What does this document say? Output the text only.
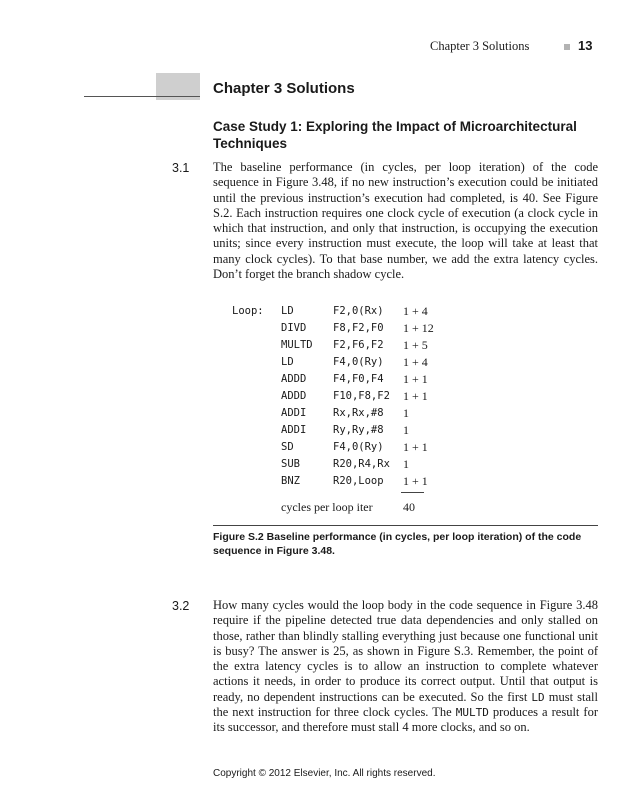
Chapter 3 Solutions	13
Chapter 3 Solutions
Case Study 1: Exploring the Impact of Microarchitectural Techniques
3.1 The baseline performance (in cycles, per loop iteration) of the code sequence in Figure 3.48, if no new instruction’s execution could be initiated until the previous instruction’s execution had completed, is 40. See Figure S.2. Each instruction requires one clock cycle of execution (a clock cycle in which that instruction, and only that instruction, is occupying the execution units; since every instruction must execute, the loop will take at least that many clock cycles). To that base number, we add the extra latency cycles. Don’t forget the branch shadow cycle.
Loop: LD	F2,0(Rx) 1 + 4
DIVD	F8,F2,F0 1 + 12
MULTD F2,F6,F2 1 + 5
LD	F4,0(Ry) 1 + 4
ADDD	F4,F0,F4 1 + 1
ADDD	F10,F8,F2 1 + 1
ADDI	Rx,Rx,#8 1
ADDI	Ry,Ry,#8 1
SD	F4,0(Ry) 1 + 1
SUB	R20,R4,Rx 1
BNZ	R20,Loop 1 + 1
cycles per loop iter	40
Figure S.2 Baseline performance (in cycles, per loop iteration) of the code sequence in Figure 3.48.
3.2 How many cycles would the loop body in the code sequence in Figure 3.48 require if the pipeline detected true data dependencies and only stalled on those, rather than blindly stalling everything just because one functional unit is busy? The answer is 25, as shown in Figure S.3. Remember, the point of the extra latency cycles is to allow an instruction to complete whatever actions it needs, in order to produce its correct output. Until that output is ready, no dependent instructions can be executed. So the first LD must stall the next instruction for three clock cycles. The MULTD produces a result for its successor, and therefore must stall 4 more clocks, and so on.
Copyright © 2012 Elsevier, Inc. All rights reserved.
